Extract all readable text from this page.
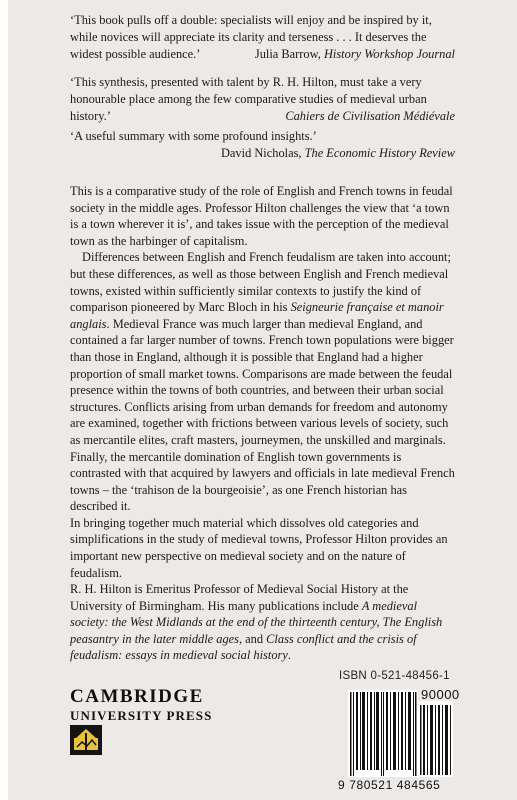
‘This book pulls off a double: specialists will enjoy and be inspired by it, while novices will appreciate its clarity and terseness . . . It deserves the widest possible audience.’	Julia Barrow, History Workshop Journal

‘This synthesis, presented with talent by R. H. Hilton, must take a very honourable place among the few comparative studies of medieval urban history.’	Cahiers de Civilisation Médiévale

‘A useful summary with some profound insights.’

David Nicholas, The Economic History Review

This is a comparative study of the role of English and French towns in feudal society in the middle ages. Professor Hilton challenges the view that ‘a town is a town wherever it is’, and takes issue with the perception of the medieval town as the harbinger of capitalism.

Differences between English and French feudalism are taken into account; but these differences, as well as those between English and French medieval towns, existed within sufficiently similar contexts to justify the kind of comparison pioneered by Marc Bloch in his Seigneurie française et manoir anglais. Medieval France was much larger than medieval England, and contained a far larger number of towns. French town populations were bigger than those in England, although it is possible that England had a higher proportion of small market towns. Comparisons are made between the feudal presence within the towns of both countries, and between their urban social structures. Conflicts arising from urban demands for freedom and autonomy are examined, together with frictions between various levels of society, such as mercantile elites, craft masters, journeymen, the unskilled and marginals. Finally, the mercantile domination of English town governments is contrasted with that acquired by lawyers and officials in late medieval French towns – the ‘trahison de la bourgeoisie’, as one French historian has described it.

In bringing together much material which dissolves old categories and simplifications in the study of medieval towns, Professor Hilton provides an important new perspective on medieval society and on the nature of feudalism.

R. H. Hilton is Emeritus Professor of Medieval Social History at the University of Birmingham. His many publications include A medieval society: the West Midlands at the end of the thirteenth century, The English peasantry in the later middle ages, and Class conflict and the crisis of feudalism: essays in medieval social history.

CAMBRIDGE
UNIVERSITY PRESS
ISBN 0-521-48456-1
90000
9 780521 484565
